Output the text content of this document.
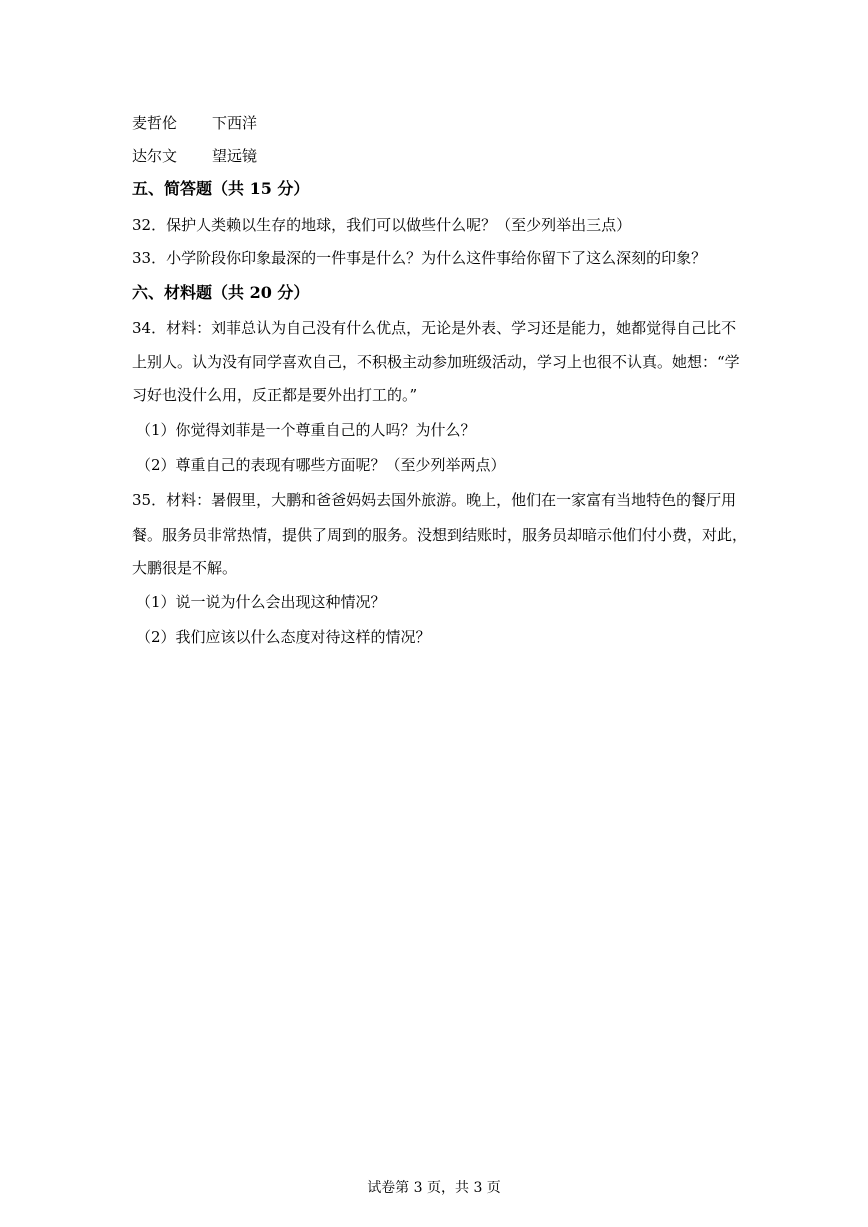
麦哲伦 下西洋
达尔文 望远镜
五、简答题（共 15 分）
32．保护人类赖以生存的地球，我们可以做些什么呢？（至少列举出三点）
33．小学阶段你印象最深的一件事是什么？为什么这件事给你留下了这么深刻的印象？
六、材料题（共 20 分）
34．材料：刘菲总认为自己没有什么优点，无论是外表、学习还是能力，她都觉得自己比不
上别人。认为没有同学喜欢自己，不积极主动参加班级活动，学习上也很不认真。她想：“学
习好也没什么用，反正都是要外出打工的。”
（1）你觉得刘菲是一个尊重自己的人吗？为什么？
（2）尊重自己的表现有哪些方面呢？（至少列举两点）
35．材料：暑假里，大鹏和爸爸妈妈去国外旅游。晚上，他们在一家富有当地特色的餐厅用
餐。服务员非常热情，提供了周到的服务。没想到结账时，服务员却暗示他们付小费，对此，
大鹏很是不解。
（1）说一说为什么会出现这种情况？
（2）我们应该以什么态度对待这样的情况？
试卷第 3 页，共 3 页
